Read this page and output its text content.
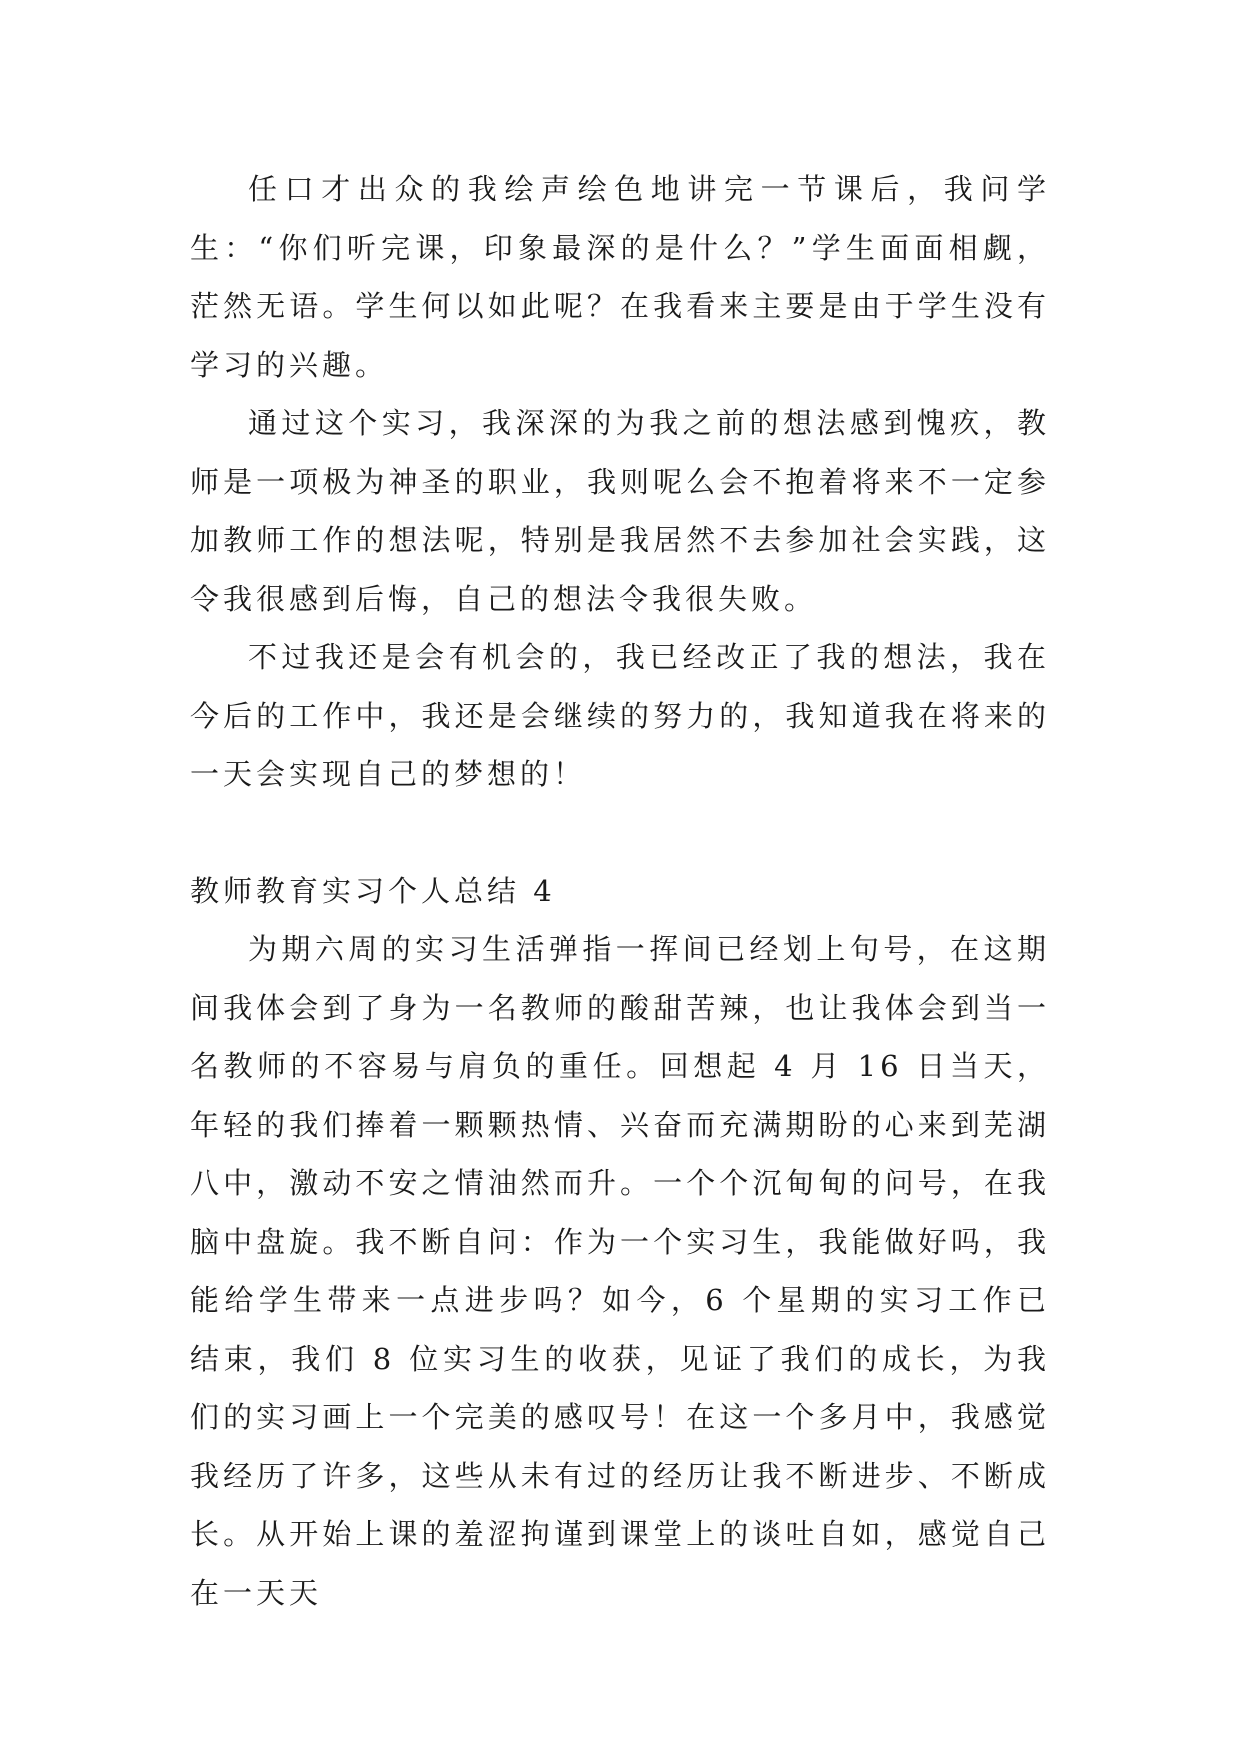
任口才出众的我绘声绘色地讲完一节课后，我问学生：“你们听完课，印象最深的是什么？”学生面面相觑，茫然无语。学生何以如此呢？在我看来主要是由于学生没有学习的兴趣。

通过这个实习，我深深的为我之前的想法感到愧疚，教师是一项极为神圣的职业，我则呢么会不抱着将来不一定参加教师工作的想法呢，特别是我居然不去参加社会实践，这令我很感到后悔，自己的想法令我很失败。

不过我还是会有机会的，我已经改正了我的想法，我在今后的工作中，我还是会继续的努力的，我知道我在将来的一天会实现自己的梦想的！

教师教育实习个人总结 4

为期六周的实习生活弹指一挥间已经划上句号，在这期间我体会到了身为一名教师的酸甜苦辣，也让我体会到当一名教师的不容易与肩负的重任。回想起 4 月 16 日当天，年轻的我们捧着一颗颗热情、兴奋而充满期盼的心来到芜湖八中，激动不安之情油然而升。一个个沉甸甸的问号，在我脑中盘旋。我不断自问：作为一个实习生，我能做好吗，我能给学生带来一点进步吗？如今，6 个星期的实习工作已结束，我们 8 位实习生的收获，见证了我们的成长，为我们的实习画上一个完美的感叹号！在这一个多月中，我感觉我经历了许多，这些从未有过的经历让我不断进步、不断成长。从开始上课的羞涩拘谨到课堂上的谈吐自如，感觉自己在一天天
